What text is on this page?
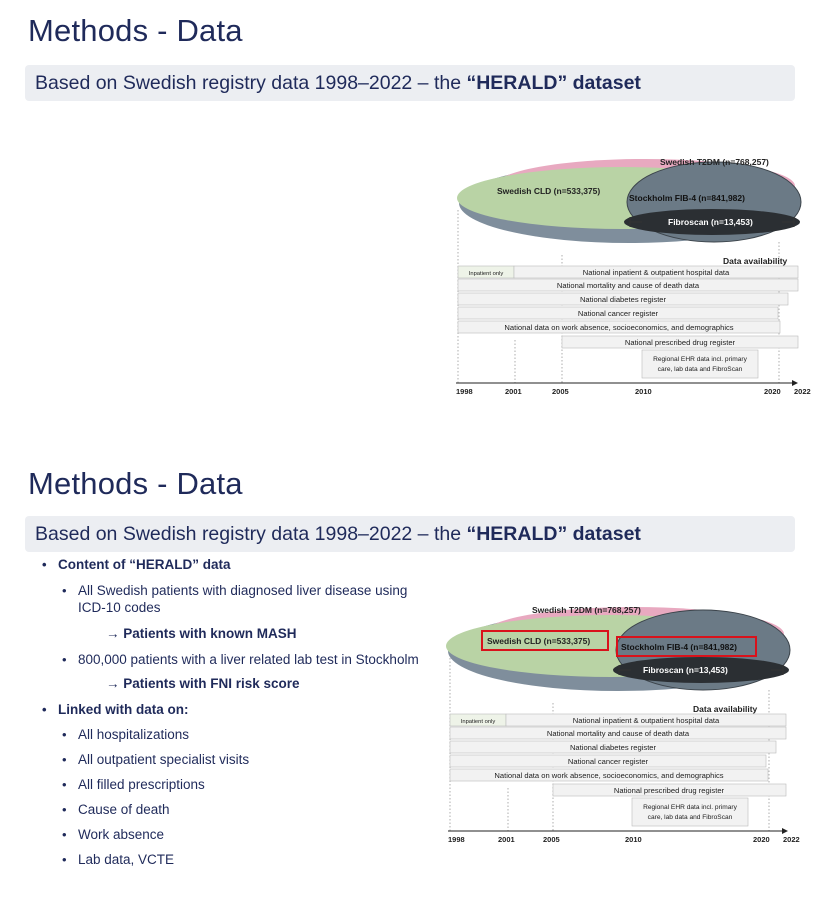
Methods - Data
Based on Swedish registry data 1998–2022 – the “HERALD” dataset
Swedish T2DM (n=768,257)
Swedish CLD (n=533,375)
Stockholm FIB-4 (n=841,982)
Fibroscan (n=13,453)
Data availability
Inpatient only	National inpatient & outpatient hospital data
National mortality and cause of death data
National diabetes register
National cancer register
National data on work absence, socioeconomics, and demographics
National prescribed drug register
Regional EHR data incl. primary
care, lab data and FibroScan
1998	2001	2005	2010	2020 2022
Methods - Data
Based on Swedish registry data 1998–2022 – the “HERALD” dataset
• Content of “HERALD” data
• All Swedish patients with diagnosed liver disease using
ICD-10 codes
→ Patients with known MASH
• 800,000 patients with a liver related lab test in Stockholm
→ Patients with FNI risk score
• Linked with data on:
• All hospitalizations
• All outpatient specialist visits
• All filled prescriptions
• Cause of death
• Work absence
• Lab data, VCTE
Swedish T2DM (n=768,257)
Swedish CLD (n=533,375)
Stockholm FIB-4 (n=841,982)
Fibroscan (n=13,453)
Data availability
Inpatient only	National inpatient & outpatient hospital data
National mortality and cause of death data
National diabetes register
National cancer register
National data on work absence, socioeconomics, and demographics
National prescribed drug register
Regional EHR data incl. primary
care, lab data and FibroScan
1998	2001	2005	2010	2020 2022
